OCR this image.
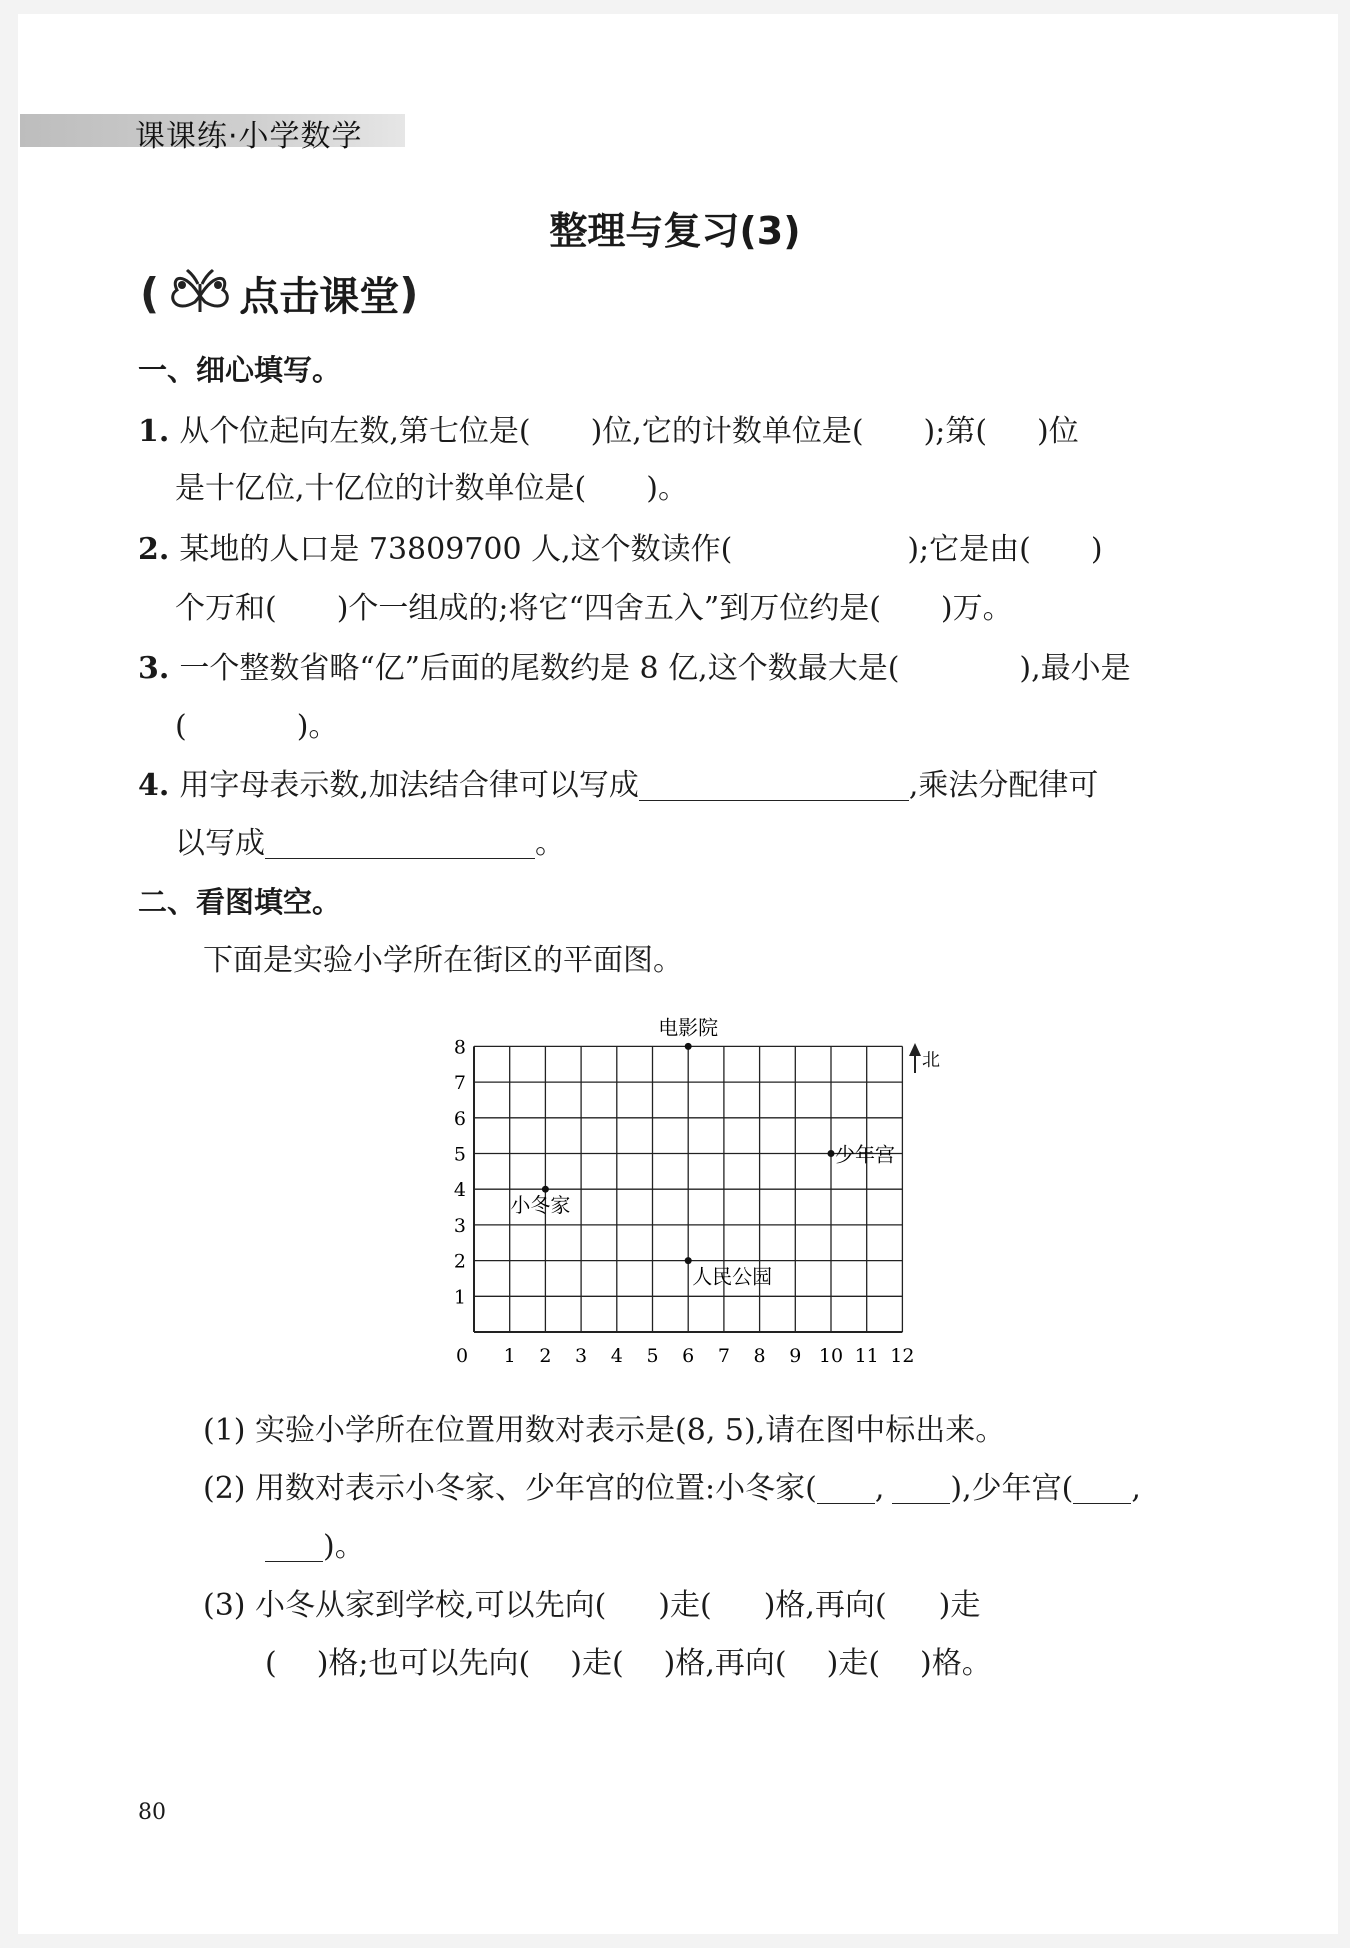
课课练·小学数学
整理与复习(3)
( 点击课堂 )
一、细心填写。
1. 从个位起向左数,第七位是( )位,它的计数单位是( );第( )位
是十亿位,十亿位的计数单位是( )。
2. 某地的人口是 73809700 人,这个数读作(	);它是由( )
个万和( )个一组成的;将它“四舍五入”到万位约是( )万。
3. 一个整数省略“亿”后面的尾数约是 8 亿,这个数最大是(	),最小是
(	)。
4. 用字母表示数,加法结合律可以写成	,乘法分配律可
以写成	。
二、看图填空。
下面是实验小学所在街区的平面图。
1
2
3
4
5
6
7
8
0 1 2 3 4 5 6 7 8 9 10 11 12
电影院
少年宫
小冬家
人民公园
北
(1) 实验小学所在位置用数对表示是(8, 5),请在图中标出来。
(2) 用数对表示小冬家、少年宫的位置:小冬家( , ),少年宫( ,
)。
(3) 小冬从家到学校,可以先向( )走( )格,再向( )走
( )格;也可以先向( )走( )格,再向( )走( )格。
80
